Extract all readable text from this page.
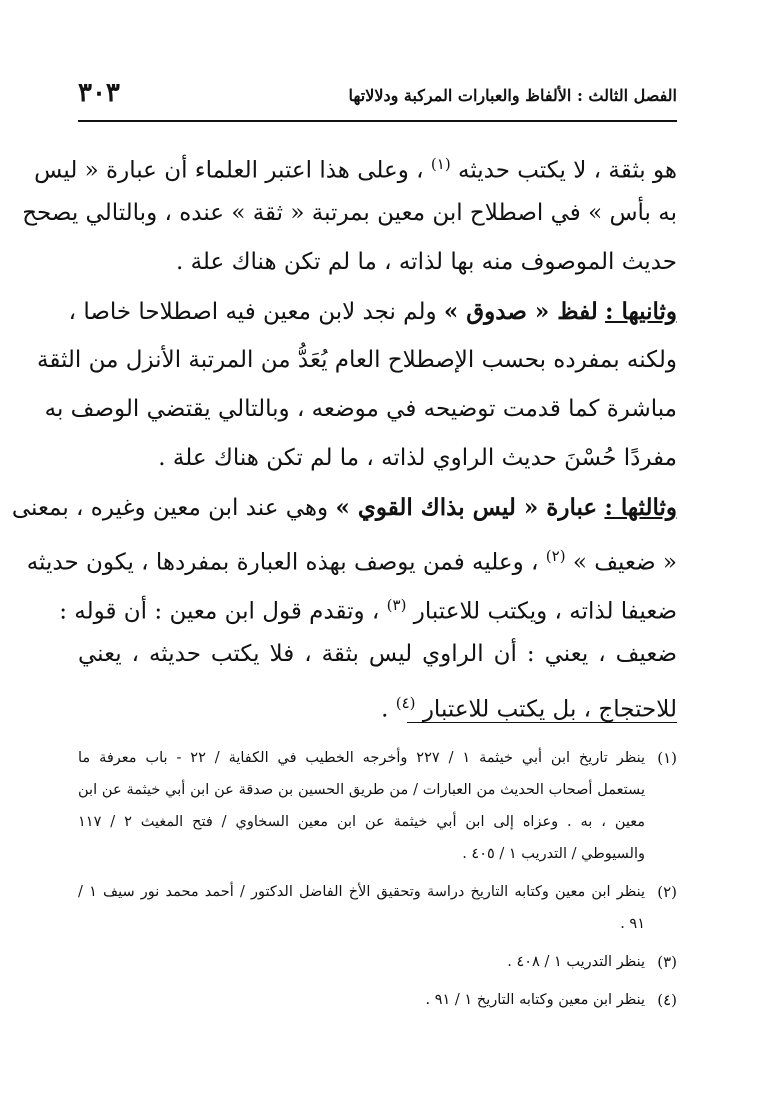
الفصل الثالث : الألفاظ والعبارات المركبة ودلالاتها
٣٠٣
هو بثقة ، لا يكتب حديثه $^{(١)}$ ، وعلى هذا اعتبر العلماء أن عبارة « ليس
به بأس » في اصطلاح ابن معين بمرتبة « ثقة » عنده ، وبالتالي يصحح
حديث الموصوف منه بها لذاته ، ما لم تكن هناك علة .
وثانيها : لفظ « صدوق » ولم نجد لابن معين فيه اصطلاحا خاصا ،
ولكنه بمفرده بحسب الإصطلاح العام يُعَدُّ من المرتبة الأنزل من الثقة
مباشرة كما قدمت توضيحه في موضعه ، وبالتالي يقتضي الوصف به
مفردًا حُسْنَ حديث الراوي لذاته ، ما لم تكن هناك علة .
وثالثها : عبارة « ليس بذاك القوي » وهي عند ابن معين وغيره ، بمعنى
« ضعيف » $^{(٢)}$ ، وعليه فمن يوصف بهذه العبارة بمفردها ، يكون حديثه
ضعيفا لذاته ، ويكتب للاعتبار $^{(٣)}$ ، وتقدم قول ابن معين : أن قوله :
ضعيف ، يعني : أن الراوي ليس بثقة ، فلا يكتب حديثه ، يعني
للاحتجاج ، بل يكتب للاعتبار $^{(٤)}$ .
(١)
ينظر تاريخ ابن أبي خيثمة ١ / ٢٢٧ وأخرجه الخطيب في الكفاية / ٢٢ - باب معرفة ما
يستعمل أصحاب الحديث من العبارات / من طريق الحسين بن صدقة عن ابن أبي خيثمة عن ابن
معين ، به . وعزاه إلى ابن أبي خيثمة عن ابن معين السخاوي / فتح المغيث ٢ / ١١٧
والسيوطي / التدريب ١ / ٤٠٥ .
(٢)
ينظر ابن معين وكتابه التاريخ دراسة وتحقيق الأخ الفاضل الدكتور / أحمد محمد نور سيف ١ /
٩١ .
(٣)
ينظر التدريب ١ / ٤٠٨ .
(٤)
ينظر ابن معين وكتابه التاريخ ١ / ٩١ .
